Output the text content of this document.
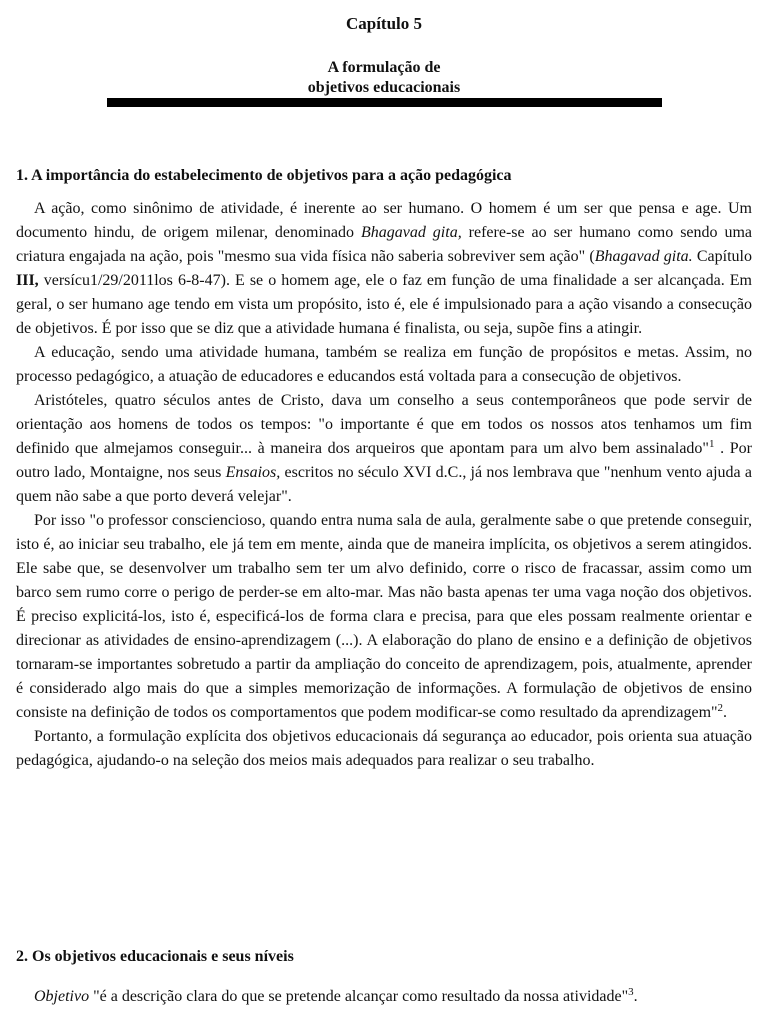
Capítulo 5
A formulação de
objetivos educacionais
1. A importância do estabelecimento de objetivos para a ação pedagógica

A ação, como sinônimo de atividade, é inerente ao ser humano. O homem é um ser que pensa e age. Um documento hindu, de origem milenar, denominado Bhagavad gita, refere-se ao ser humano como sendo uma criatura engajada na ação, pois "mesmo sua vida física não saberia sobreviver sem ação" (Bhagavad gita. Capítulo III, versícu1/29/2011los 6-8-47). E se o homem age, ele o faz em função de uma finalidade a ser alcançada. Em geral, o ser humano age tendo em vista um propósito, isto é, ele é impulsionado para a ação visando a consecução de objetivos. É por isso que se diz que a atividade humana é finalista, ou seja, supõe fins a atingir.

A educação, sendo uma atividade humana, também se realiza em função de propósitos e metas. Assim, no processo pedagógico, a atuação de educadores e educandos está voltada para a consecução de objetivos.

Aristóteles, quatro séculos antes de Cristo, dava um conselho a seus contemporâneos que pode servir de orientação aos homens de todos os tempos: "o importante é que em todos os nossos atos tenhamos um fim definido que almejamos conseguir... à maneira dos arqueiros que apontam para um alvo bem assinalado"$^1$ . Por outro lado, Montaigne, nos seus Ensaios, escritos no século XVI d.C., já nos lembrava que "nenhum vento ajuda a quem não sabe a que porto deverá velejar".

Por isso "o professor consciencioso, quando entra numa sala de aula, geralmente sabe o que pretende conseguir, isto é, ao iniciar seu trabalho, ele já tem em mente, ainda que de maneira implícita, os objetivos a serem atingidos. Ele sabe que, se desenvolver um trabalho sem ter um alvo definido, corre o risco de fracassar, assim como um barco sem rumo corre o perigo de perder-se em alto-mar. Mas não basta apenas ter uma vaga noção dos objetivos. É preciso explicitá-los, isto é, especificá-los de forma clara e precisa, para que eles possam realmente orientar e direcionar as atividades de ensino-aprendizagem (...). A elaboração do plano de ensino e a definição de objetivos tornaram-se importantes sobretudo a partir da ampliação do conceito de aprendizagem, pois, atualmente, aprender é considerado algo mais do que a simples memorização de informações. A formulação de objetivos de ensino consiste na definição de todos os comportamentos que podem modificar-se como resultado da aprendizagem"$^2$.

Portanto, a formulação explícita dos objetivos educacionais dá segurança ao educador, pois orienta sua atuação pedagógica, ajudando-o na seleção dos meios mais adequados para realizar o seu trabalho.

2. Os objetivos educacionais e seus níveis

Objetivo "é a descrição clara do que se pretende alcançar como resultado da nossa atividade"$^3$.
